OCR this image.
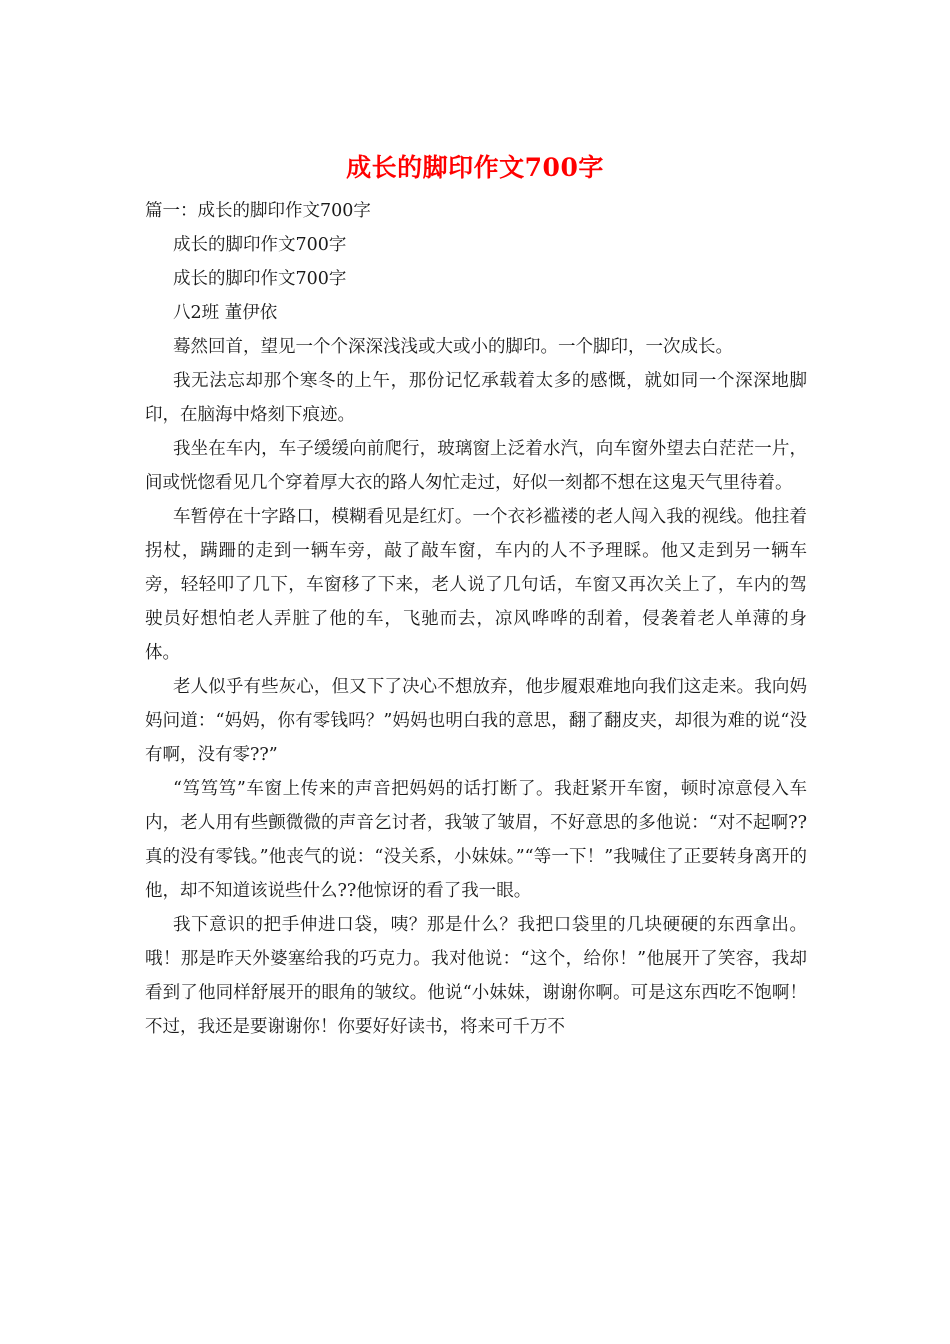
成长的脚印作文700字

篇一：成长的脚印作文700字

成长的脚印作文700字

成长的脚印作文700字

八2班 董伊依

蓦然回首，望见一个个深深浅浅或大或小的脚印。一个脚印，一次成长。

我无法忘却那个寒冬的上午，那份记忆承载着太多的感慨，就如同一个深深地脚印，在脑海中烙刻下痕迹。

我坐在车内，车子缓缓向前爬行，玻璃窗上泛着水汽，向车窗外望去白茫茫一片，间或恍惚看见几个穿着厚大衣的路人匆忙走过，好似一刻都不想在这鬼天气里待着。

车暂停在十字路口，模糊看见是红灯。一个衣衫褴褛的老人闯入我的视线。他拄着拐杖，蹒跚的走到一辆车旁，敲了敲车窗，车内的人不予理睬。他又走到另一辆车旁，轻轻叩了几下，车窗移了下来，老人说了几句话，车窗又再次关上了，车内的驾驶员好想怕老人弄脏了他的车，飞驰而去，凉风哗哗的刮着，侵袭着老人单薄的身体。

老人似乎有些灰心，但又下了决心不想放弃，他步履艰难地向我们这走来。我向妈妈问道：“妈妈，你有零钱吗？”妈妈也明白我的意思，翻了翻皮夹，却很为难的说“没有啊，没有零??”

“笃笃笃”车窗上传来的声音把妈妈的话打断了。我赶紧开车窗，顿时凉意侵入车内，老人用有些颤微微的声音乞讨者，我皱了皱眉，不好意思的多他说：“对不起啊??真的没有零钱。”他丧气的说：“没关系，小妹妹。”“等一下！”我喊住了正要转身离开的他，却不知道该说些什么??他惊讶的看了我一眼。

我下意识的把手伸进口袋，咦？那是什么？我把口袋里的几块硬硬的东西拿出。哦！那是昨天外婆塞给我的巧克力。我对他说：“这个，给你！”他展开了笑容，我却看到了他同样舒展开的眼角的皱纹。他说“小妹妹，谢谢你啊。可是这东西吃不饱啊！不过，我还是要谢谢你！你要好好读书，将来可千万不
